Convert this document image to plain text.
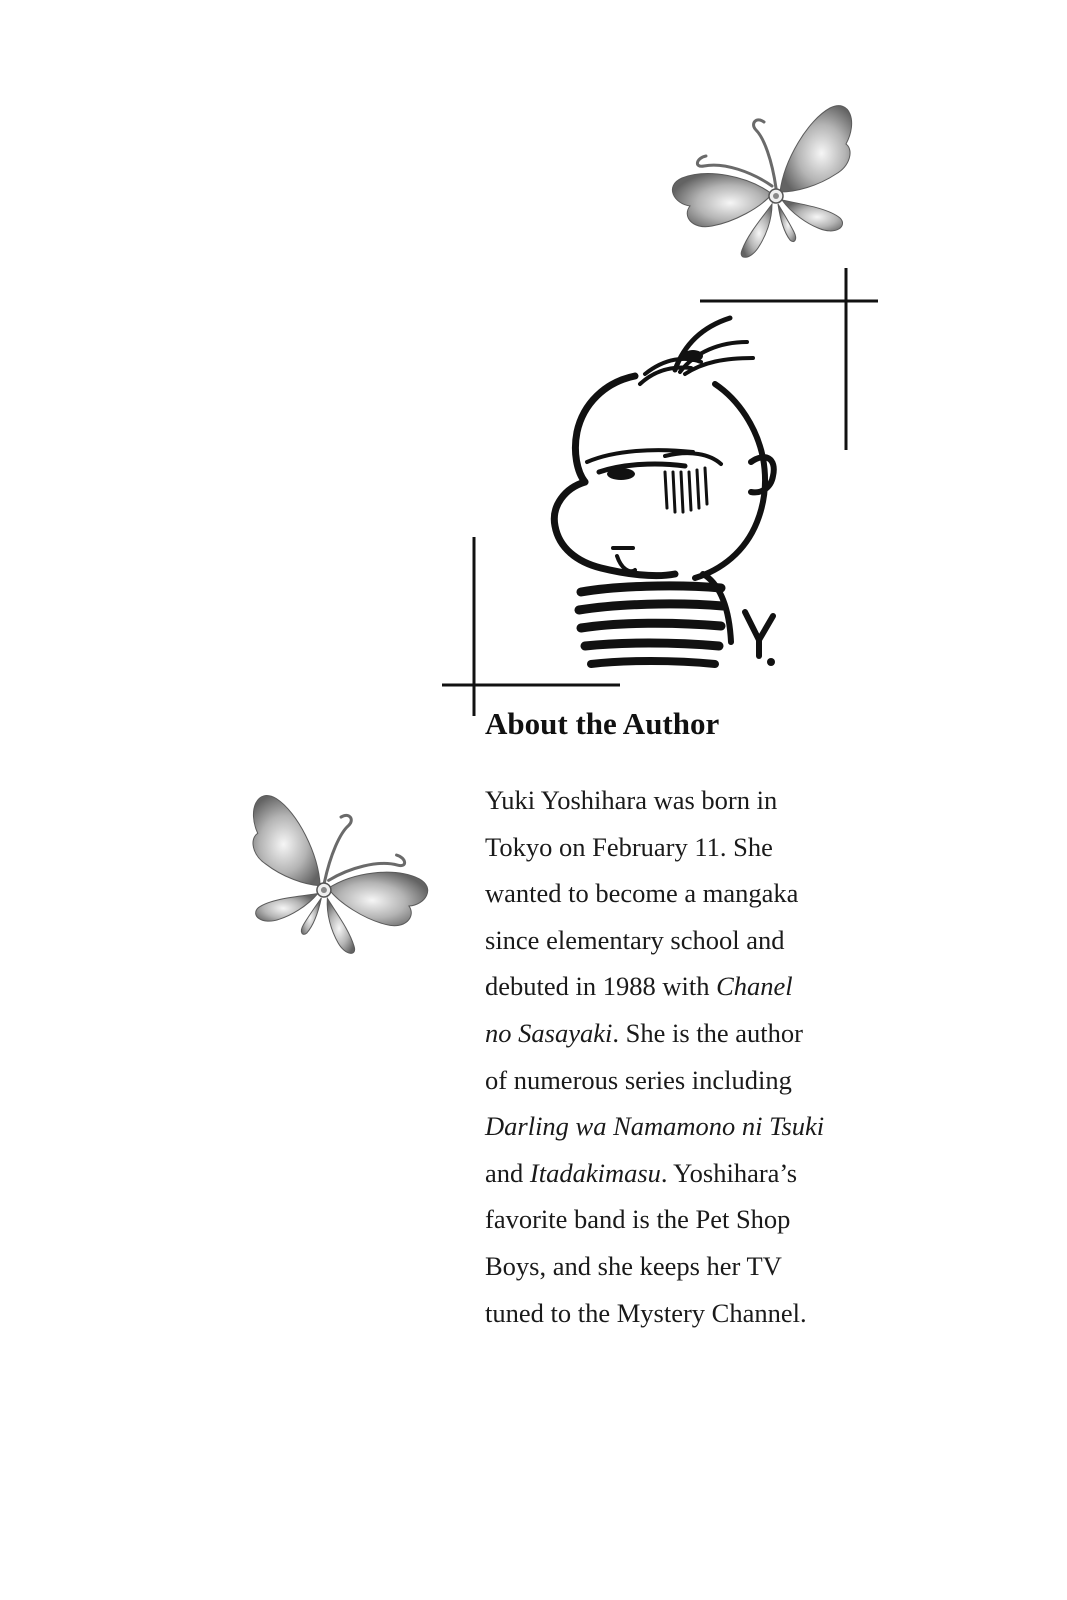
About the Author

Yuki Yoshihara was born in
Tokyo on February 11. She
wanted to become a mangaka
since elementary school and
debuted in 1988 with Chanel
no Sasayaki. She is the author
of numerous series including
Darling wa Namamono ni Tsuki
and Itadakimasu. Yoshihara’s
favorite band is the Pet Shop
Boys, and she keeps her TV
tuned to the Mystery Channel.
